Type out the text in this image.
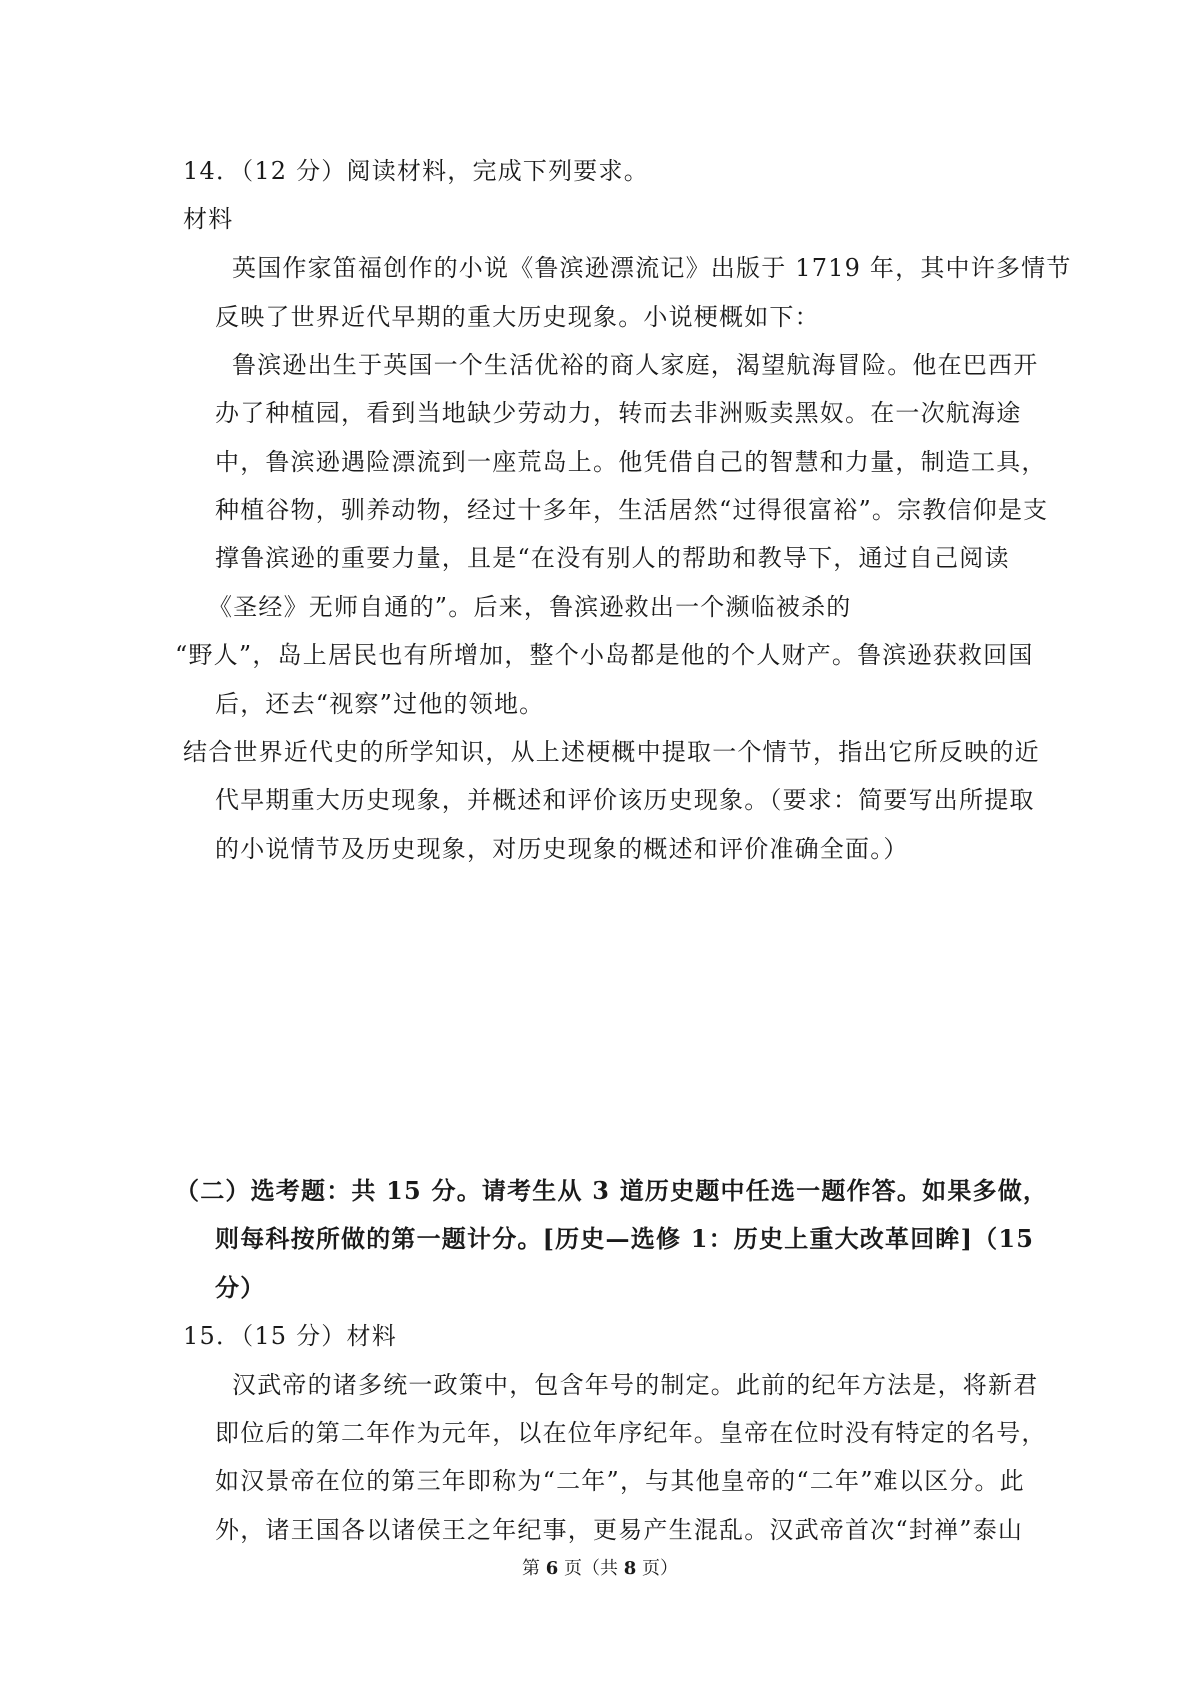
14．（12 分）阅读材料，完成下列要求。

材料

英国作家笛福创作的小说《鲁滨逊漂流记》出版于 1719 年，其中许多情节

反映了世界近代早期的重大历史现象。小说梗概如下：

鲁滨逊出生于英国一个生活优裕的商人家庭，渴望航海冒险。他在巴西开

办了种植园，看到当地缺少劳动力，转而去非洲贩卖黑奴。在一次航海途

中，鲁滨逊遇险漂流到一座荒岛上。他凭借自己的智慧和力量，制造工具，

种植谷物，驯养动物，经过十多年，生活居然“过得很富裕”。宗教信仰是支

撑鲁滨逊的重要力量，且是“在没有别人的帮助和教导下，通过自己阅读

《圣经》无师自通的”。后来，鲁滨逊救出一个濒临被杀的

“野人”，岛上居民也有所增加，整个小岛都是他的个人财产。鲁滨逊获救回国

后，还去“视察”过他的领地。

结合世界近代史的所学知识，从上述梗概中提取一个情节，指出它所反映的近

代早期重大历史现象，并概述和评价该历史现象。（要求：简要写出所提取

的小说情节及历史现象，对历史现象的概述和评价准确全面。）

（二）选考题：共 15 分。请考生从 3 道历史题中任选一题作答。如果多做，

则每科按所做的第一题计分。[历史—选修 1：历史上重大改革回眸]（15

分）

15．（15 分）材料

汉武帝的诸多统一政策中，包含年号的制定。此前的纪年方法是，将新君

即位后的第二年作为元年，以在位年序纪年。皇帝在位时没有特定的名号，

如汉景帝在位的第三年即称为“二年”，与其他皇帝的“二年”难以区分。此

外，诸王国各以诸侯王之年纪事，更易产生混乱。汉武帝首次“封禅”泰山

第 6 页（共 8 页）
